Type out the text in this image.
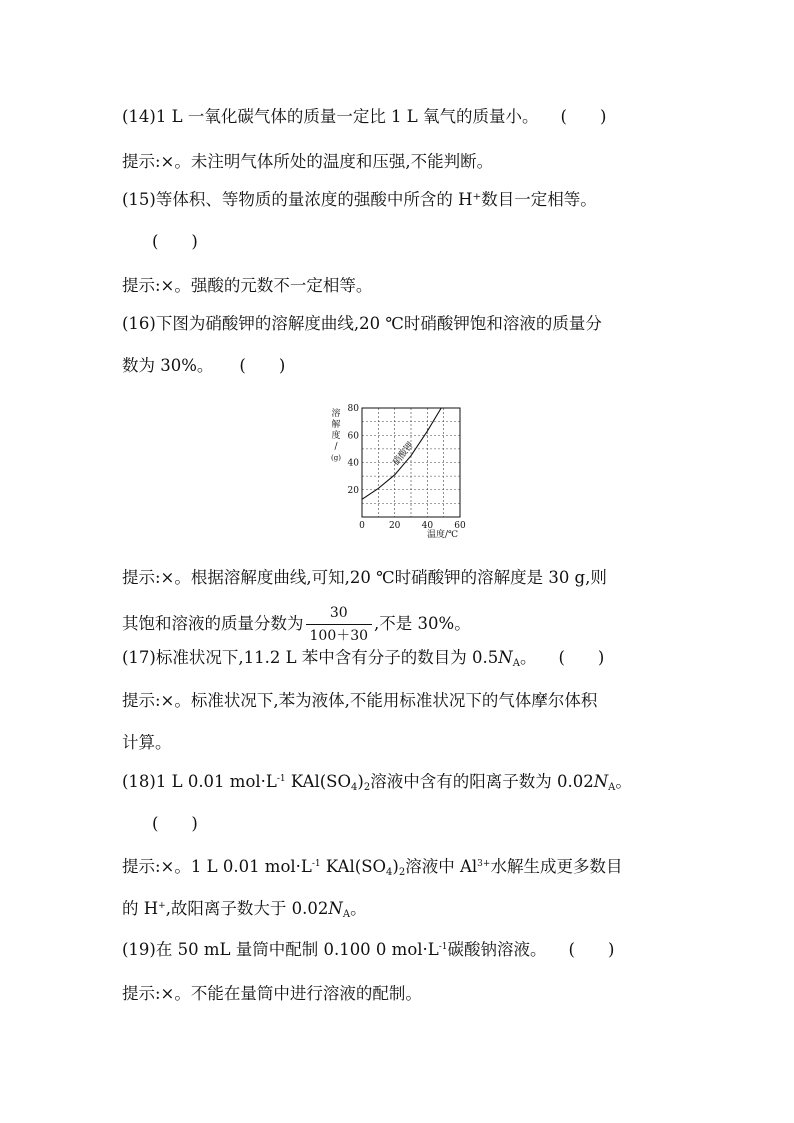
(14)1 L 一氧化碳气体的质量一定比 1 L 氧气的质量小。 (　　)
提示:×。未注明气体所处的温度和压强,不能判断。
(15)等体积、等物质的量浓度的强酸中所含的 H⁺数目一定相等。
(　　)
提示:×。强酸的元数不一定相等。
(16)下图为硝酸钾的溶解度曲线,20 ℃时硝酸钾饱和溶液的质量分
数为 30%。 (　　)
20
40
60
80
0	20 40 60
硝酸钾
溶
解
度
/
(g)
温度/℃
提示:×。根据溶解度曲线,可知,20 ℃时硝酸钾的溶解度是 30 g,则
其饱和溶液的质量分数为 $\frac{30}{100+30}$ ,不是 30%。
(17)标准状况下,11.2 L 苯中含有分子的数目为 $0.5N_A$。 (　　)
提示:×。标准状况下,苯为液体,不能用标准状况下的气体摩尔体积
计算。
(18)1 L 0.01 $mol\cdot L^{-1}$ $KAl(SO_4)_2$溶液中含有的阳离子数为 $0.02N_A$。
(　　)
提示:×。1 L 0.01 $mol\cdot L^{-1}$ $KAl(SO_4)_2$溶液中 $Al^{3+}$水解生成更多数目
的 H+,故阳离子数大于 $0.02N_A$。
(19)在 50 mL 量筒中配制 0.100 0 $mol\cdot L^{-1}$碳酸钠溶液。 (　　)
提示:×。不能在量筒中进行溶液的配制。
